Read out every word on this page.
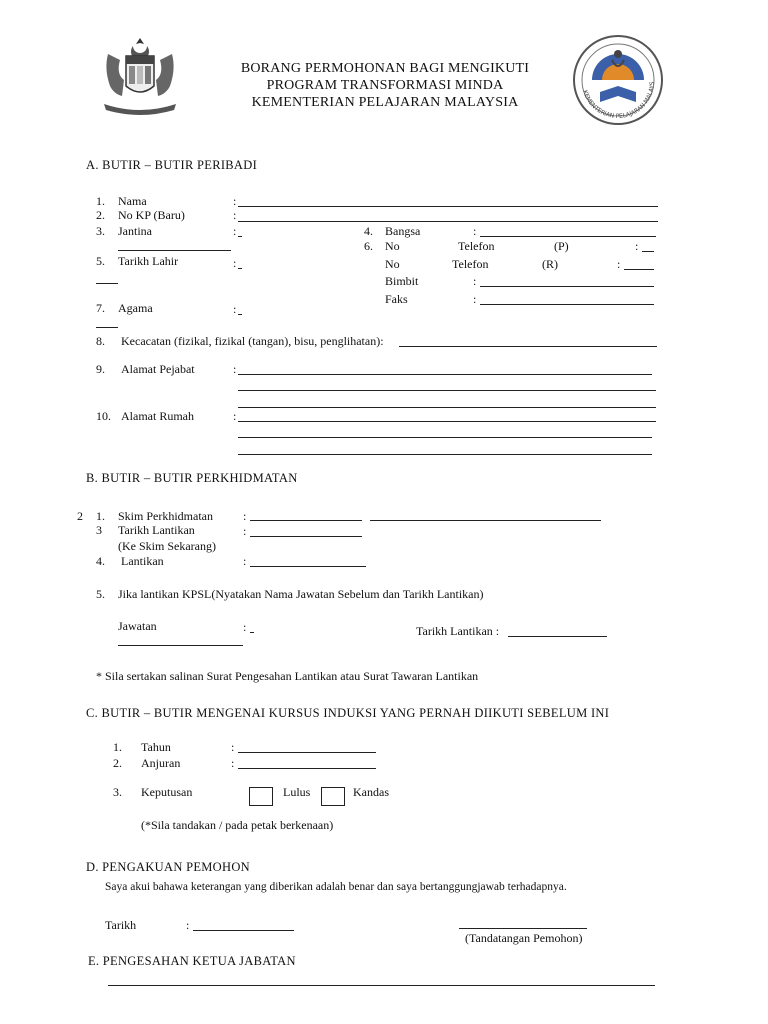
KEMENTERIAN PELAJARAN MALAYS
BORANG PERMOHONAN BAGI MENGIKUTI
PROGRAM TRANSFORMASI MINDA
KEMENTERIAN PELAJARAN MALAYSIA
A. BUTIR – BUTIR PERIBADI
1. Nama	:
2. No KP (Baru)	:
3. Jantina	:	4. Bangsa	:
6. No	Telefon	(P)	:
5. Tarikh Lahir	:	No	Telefon	(R)	:
Bimbit	:
Faks	:
7. Agama	:
8. Kecacatan (fizikal, fizikal (tangan), bisu, penglihatan):
9. Alamat Pejabat	:
10. Alamat Rumah	:
B. BUTIR – BUTIR PERKHIDMATAN
2 1. Skim Perkhidmatan	:
3 Tarikh Lantikan	:
(Ke Skim Sekarang)
4. Lantikan	:
5. Jika lantikan KPSL(Nyatakan Nama Jawatan Sebelum dan Tarikh Lantikan)
Jawatan	:	Tarikh Lantikan :
* Sila sertakan salinan Surat Pengesahan Lantikan atau Surat Tawaran Lantikan
C. BUTIR – BUTIR MENGENAI KURSUS INDUKSI YANG PERNAH DIIKUTI SEBELUM INI
1. Tahun	:
2. Anjuran	:
3. Keputusan	Lulus	Kandas
(*Sila tandakan / pada petak berkenaan)
D. PENGAKUAN PEMOHON
Saya akui bahawa keterangan yang diberikan adalah benar dan saya bertanggungjawab terhadapnya.
Tarikh	:
(Tandatangan Pemohon)
E. PENGESAHAN KETUA JABATAN
